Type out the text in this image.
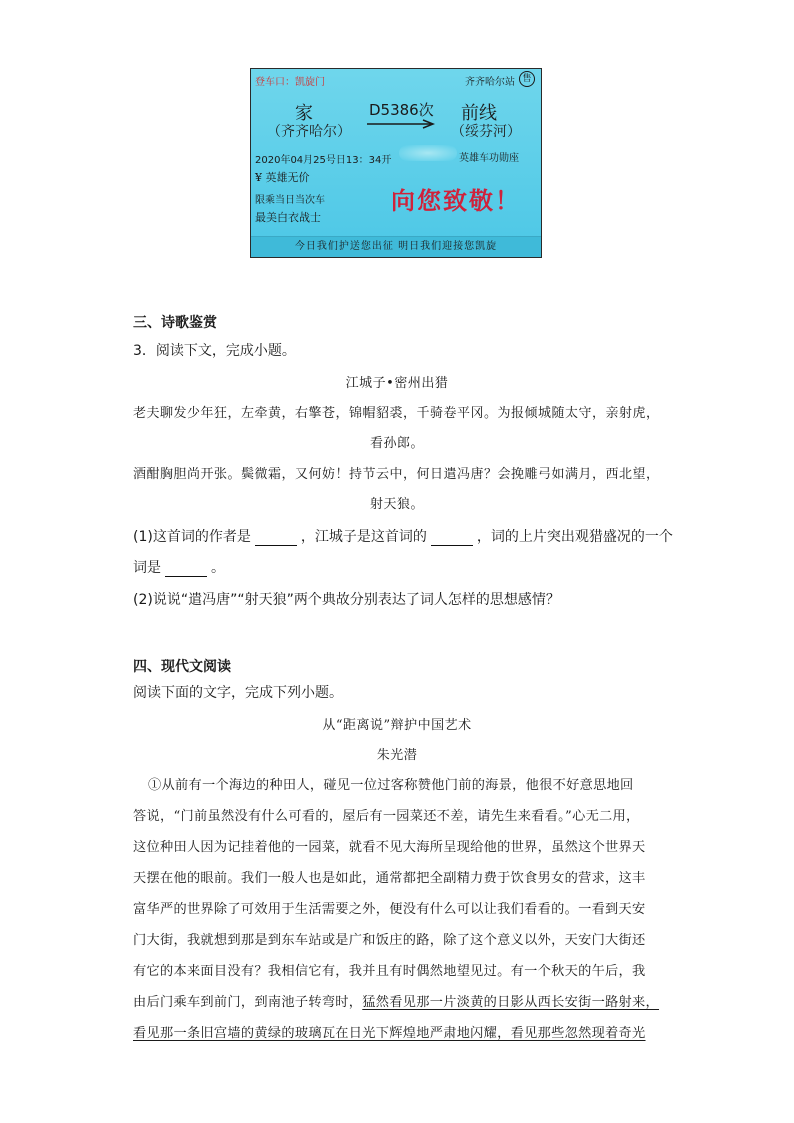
登车口：凯旋门	齐齐哈尔站 售
家
（齐齐哈尔）
D5386次 前线
（绥芬河）
2020年04月25号日13：34开	英雄车功勋座
¥ 英雄无价
限乘当日当次车
最美白衣战士
向您致敬！
今日我们护送您出征 明日我们迎接您凯旋
三、诗歌鉴赏
3．阅读下文，完成小题。
江城子•密州出猎
老夫聊发少年狂，左牵黄，右擎苍，锦帽貂裘，千骑卷平冈。为报倾城随太守，亲射虎，
看孙郎。
酒酣胸胆尚开张。鬓微霜，又何妨！持节云中，何日遣冯唐？会挽雕弓如满月，西北望，
射天狼。
(1)这首词的作者是	，江城子是这首词的	，词的上片突出观猎盛况的一个
词是	。
(2)说说“遣冯唐”“射天狼”两个典故分别表达了词人怎样的思想感情？
四、现代文阅读
阅读下面的文字，完成下列小题。
从“距离说”辩护中国艺术
朱光潜
①从前有一个海边的种田人，碰见一位过客称赞他门前的海景，他很不好意思地回
答说，“门前虽然没有什么可看的，屋后有一园菜还不差，请先生来看看。”心无二用，
这位种田人因为记挂着他的一园菜，就看不见大海所呈现给他的世界，虽然这个世界天
天摆在他的眼前。我们一般人也是如此，通常都把全副精力费于饮食男女的营求，这丰
富华严的世界除了可效用于生活需要之外，便没有什么可以让我们看看的。一看到天安
门大街，我就想到那是到东车站或是广和饭庄的路，除了这个意义以外，天安门大街还
有它的本来面目没有？我相信它有，我并且有时偶然地望见过。有一个秋天的午后，我
由后门乘车到前门，到南池子转弯时，猛然看见那一片淡黄的日影从西长安街一路射来，
看见那一条旧宫墙的黄绿的玻璃瓦在日光下辉煌地严肃地闪耀，看见那些忽然现着奇光
